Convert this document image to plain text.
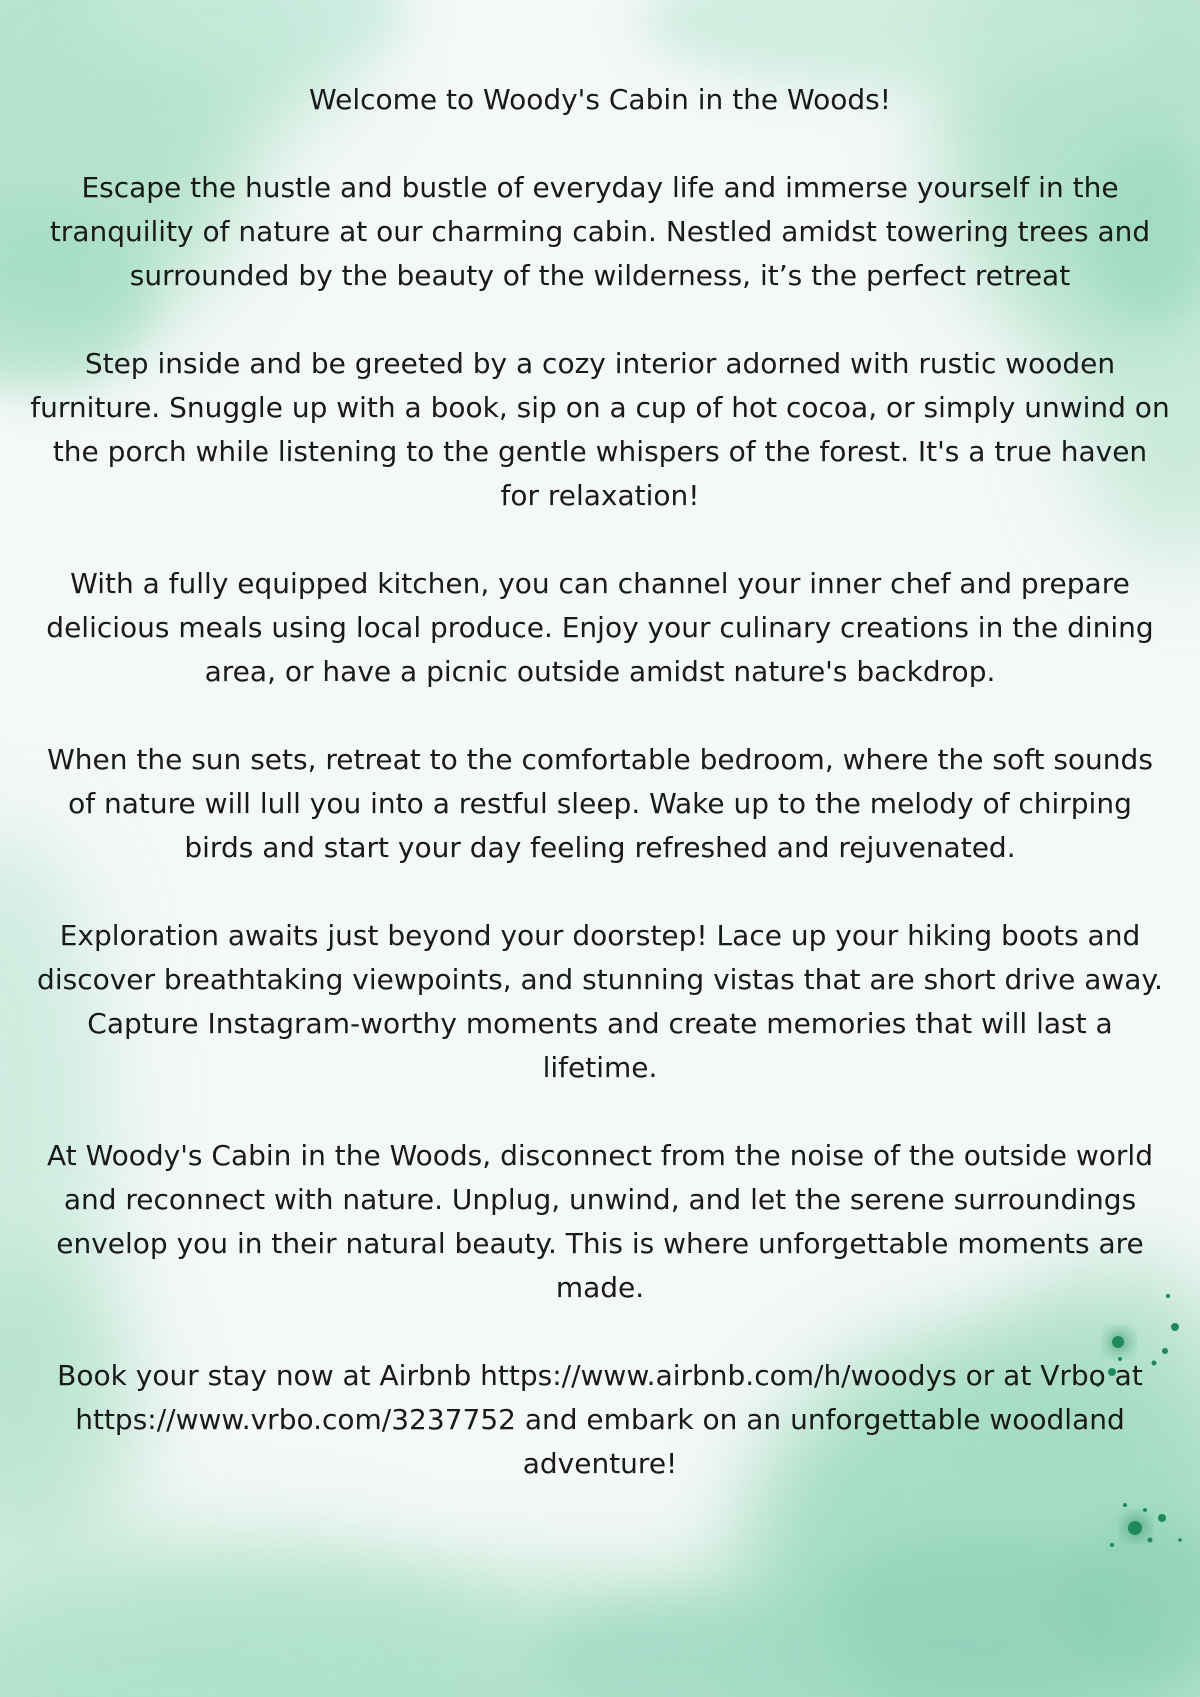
Welcome to Woody's Cabin in the Woods!

Escape the hustle and bustle of everyday life and immerse yourself in the tranquility of nature at our charming cabin. Nestled amidst towering trees and surrounded by the beauty of the wilderness, it’s the perfect retreat

Step inside and be greeted by a cozy interior adorned with rustic wooden furniture. Snuggle up with a book, sip on a cup of hot cocoa, or simply unwind on the porch while listening to the gentle whispers of the forest. It's a true haven for relaxation!

With a fully equipped kitchen, you can channel your inner chef and prepare delicious meals using local produce. Enjoy your culinary creations in the dining area, or have a picnic outside amidst nature's backdrop.

When the sun sets, retreat to the comfortable bedroom, where the soft sounds of nature will lull you into a restful sleep. Wake up to the melody of chirping birds and start your day feeling refreshed and rejuvenated.

Exploration awaits just beyond your doorstep! Lace up your hiking boots and discover breathtaking viewpoints, and stunning vistas that are short drive away. Capture Instagram-worthy moments and create memories that will last a lifetime.

At Woody's Cabin in the Woods, disconnect from the noise of the outside world and reconnect with nature. Unplug, unwind, and let the serene surroundings envelop you in their natural beauty. This is where unforgettable moments are made.

Book your stay now at Airbnb https://www.airbnb.com/h/woodys or at Vrbo at https://www.vrbo.com/3237752 and embark on an unforgettable woodland adventure!
